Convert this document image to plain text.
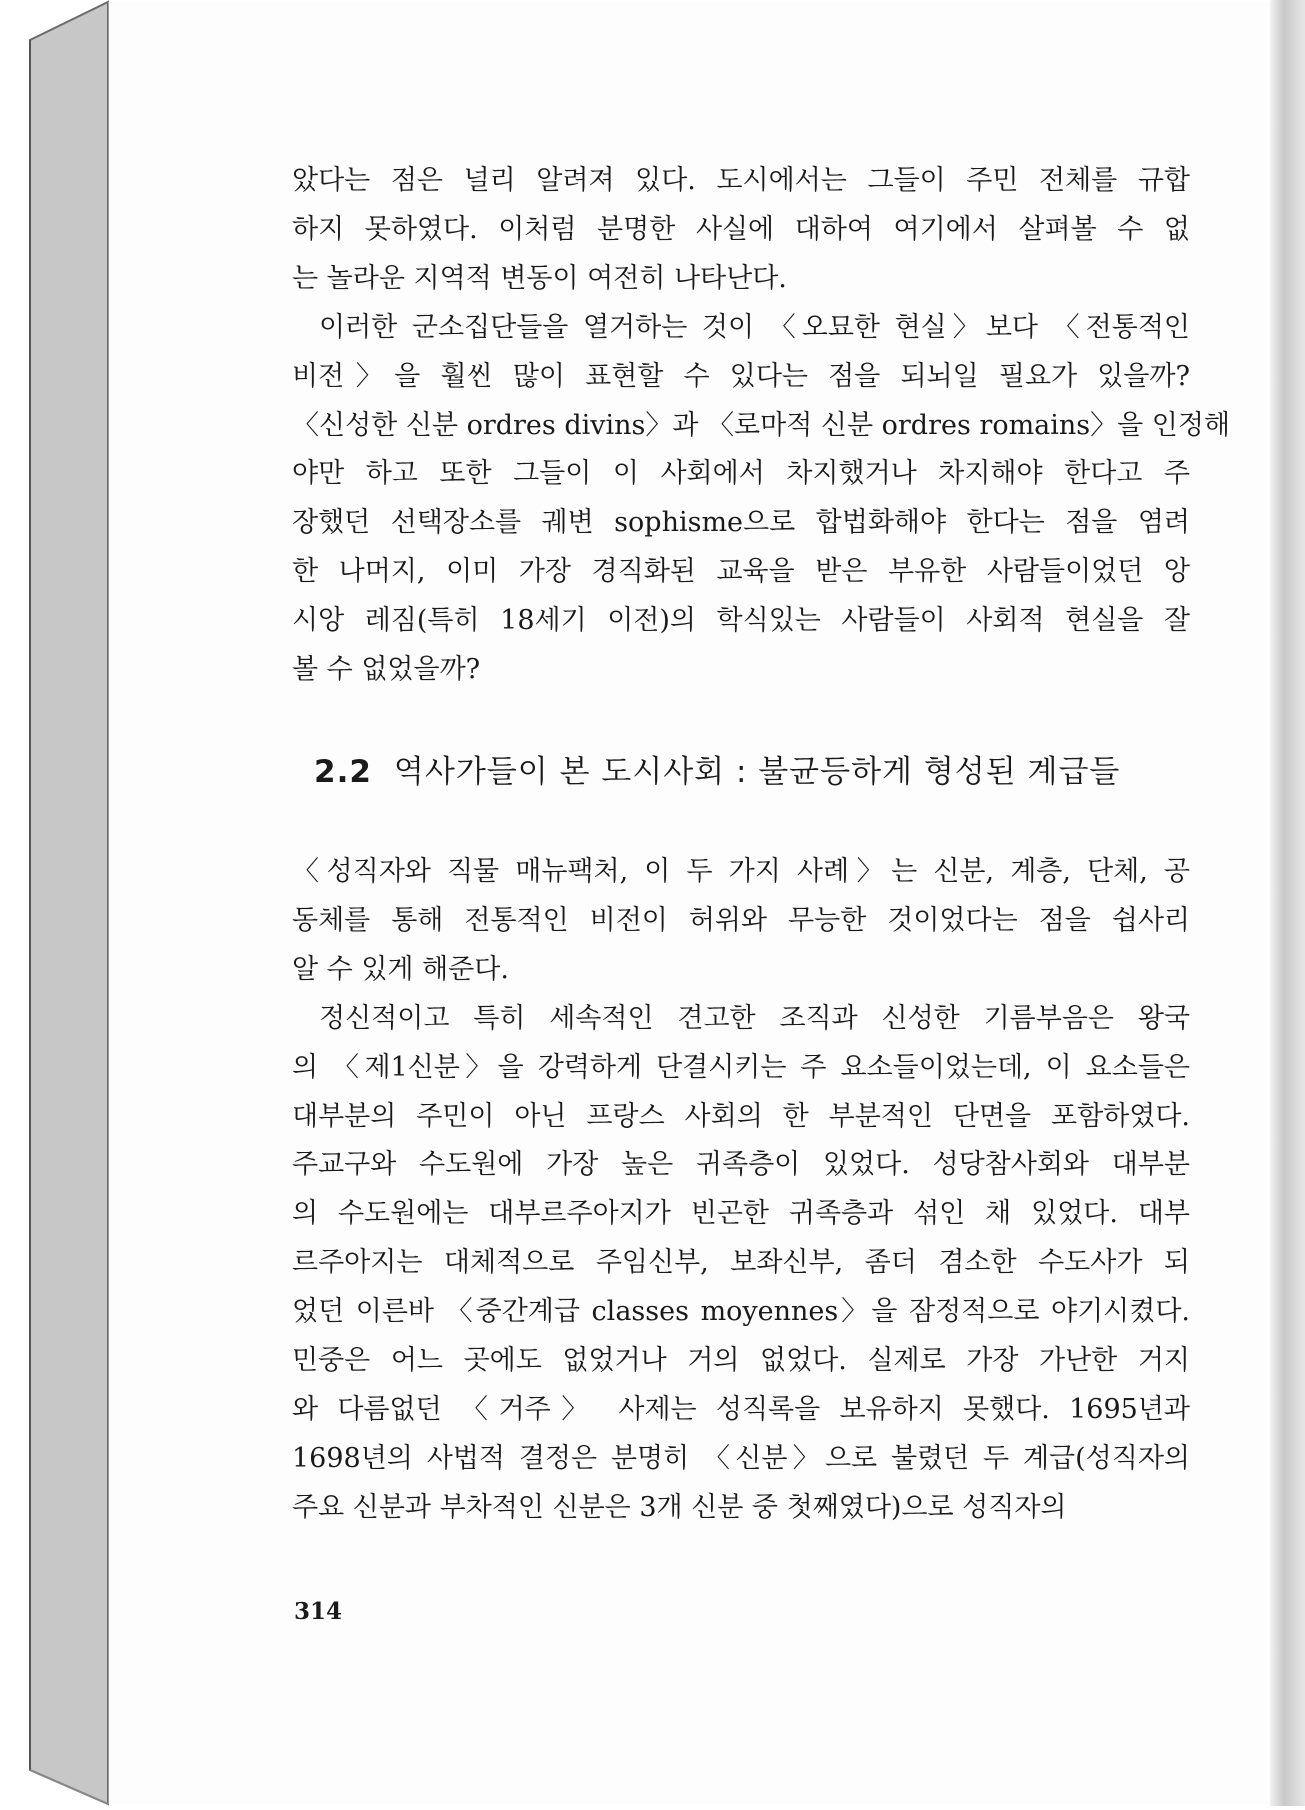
았다는 점은 널리 알려져 있다. 도시에서는 그들이 주민 전체를 규합
하지 못하였다. 이처럼 분명한 사실에 대하여 여기에서 살펴볼 수 없
는 놀라운 지역적 변동이 여전히 나타난다.
이러한 군소집단들을 열거하는 것이 〈오묘한 현실〉보다 〈전통적인
비전〉을 훨씬 많이 표현할 수 있다는 점을 되뇌일 필요가 있을까?
〈신성한 신분 ordres divins〉과 〈로마적 신분 ordres romains〉을 인정해
야만 하고 또한 그들이 이 사회에서 차지했거나 차지해야 한다고 주
장했던 선택장소를 궤변 sophisme으로 합법화해야 한다는 점을 염려
한 나머지, 이미 가장 경직화된 교육을 받은 부유한 사람들이었던 앙
시앙 레짐(특히 18세기 이전)의 학식있는 사람들이 사회적 현실을 잘
볼 수 없었을까?
2.2 역사가들이 본 도시사회 : 불균등하게 형성된 계급들
〈성직자와 직물 매뉴팩처, 이 두 가지 사례〉는 신분, 계층, 단체, 공
동체를 통해 전통적인 비전이 허위와 무능한 것이었다는 점을 쉽사리
알 수 있게 해준다.
정신적이고 특히 세속적인 견고한 조직과 신성한 기름부음은 왕국
의 〈제1신분〉을 강력하게 단결시키는 주 요소들이었는데, 이 요소들은
대부분의 주민이 아닌 프랑스 사회의 한 부분적인 단면을 포함하였다.
주교구와 수도원에 가장 높은 귀족층이 있었다. 성당참사회와 대부분
의 수도원에는 대부르주아지가 빈곤한 귀족층과 섞인 채 있었다. 대부
르주아지는 대체적으로 주임신부, 보좌신부, 좀더 겸소한 수도사가 되
었던 이른바 〈중간계급 classes moyennes〉을 잠정적으로 야기시켰다.
민중은 어느 곳에도 없었거나 거의 없었다. 실제로 가장 가난한 거지
와 다름없던 〈거주〉 사제는 성직록을 보유하지 못했다. 1695년과
1698년의 사법적 결정은 분명히 〈신분〉으로 불렸던 두 계급(성직자의
주요 신분과 부차적인 신분은 3개 신분 중 첫째였다)으로 성직자의
314
